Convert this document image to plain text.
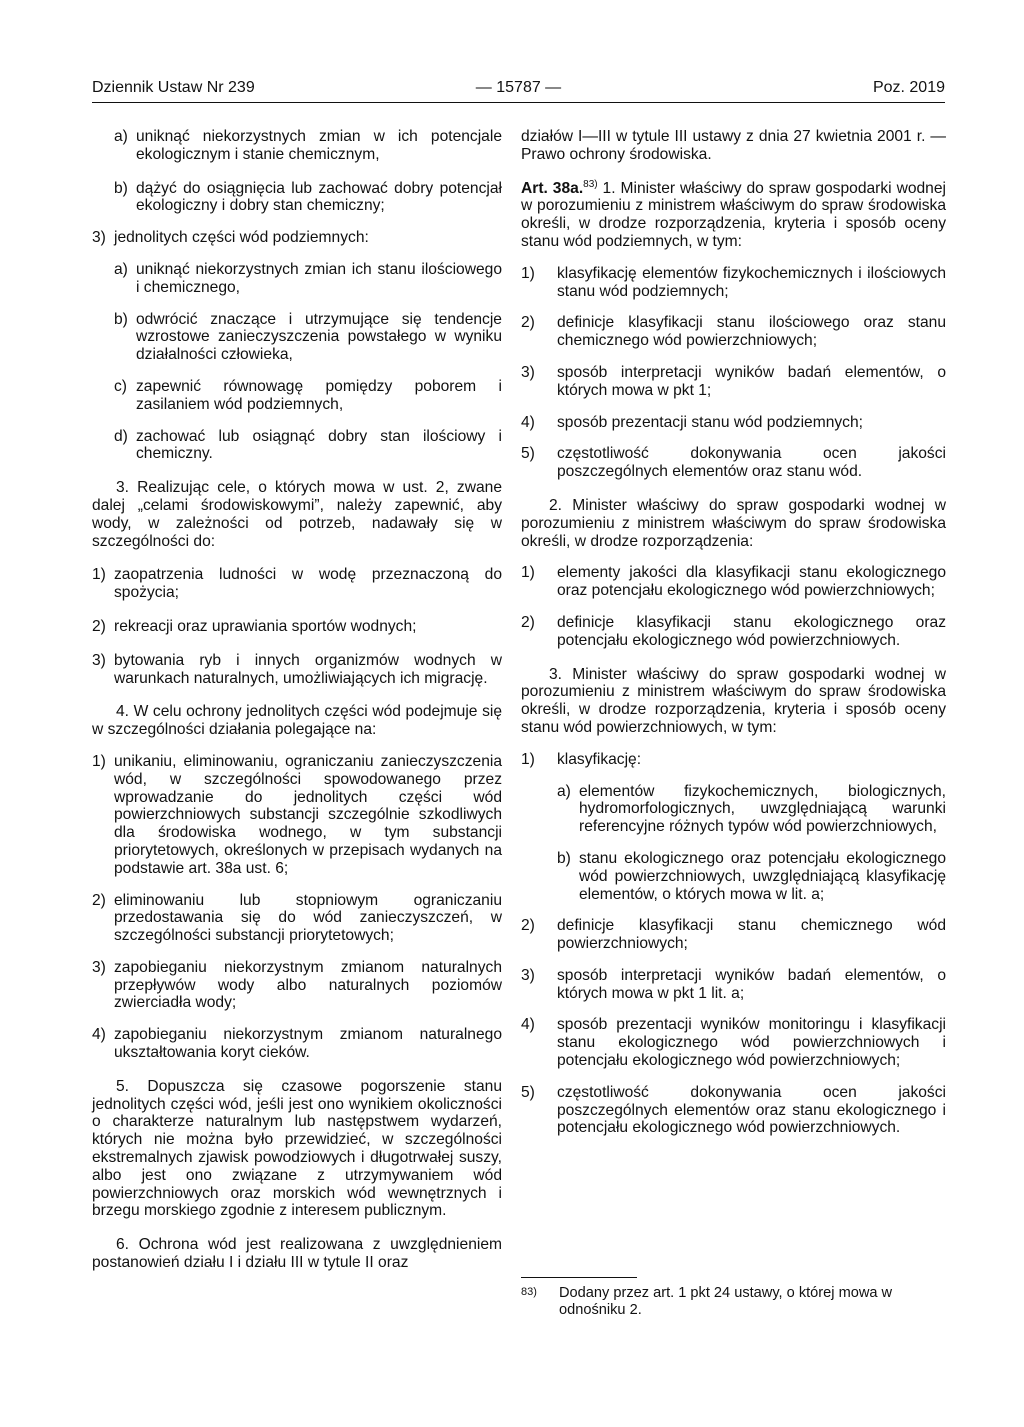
Dziennik Ustaw Nr 239	— 15787 —	Poz. 2019
a) uniknąć niekorzystnych zmian w ich potencjale ekologicznym i stanie chemicznym,
b) dążyć do osiągnięcia lub zachować dobry potencjał ekologiczny i dobry stan chemiczny;
3) jednolitych części wód podziemnych:
a) uniknąć niekorzystnych zmian ich stanu ilościowego i chemicznego,
b) odwrócić znaczące i utrzymujące się tendencje wzrostowe zanieczyszczenia powstałego w wyniku działalności człowieka,
c) zapewnić równowagę pomiędzy poborem i zasilaniem wód podziemnych,
d) zachować lub osiągnąć dobry stan ilościowy i chemiczny.

3. Realizując cele, o których mowa w ust. 2, zwane dalej „celami środowiskowymi”, należy zapewnić, aby wody, w zależności od potrzeb, nadawały się w szczególności do:

1) zaopatrzenia ludności w wodę przeznaczoną do spożycia;
2) rekreacji oraz uprawiania sportów wodnych;
3) bytowania ryb i innych organizmów wodnych w warunkach naturalnych, umożliwiających ich migrację.

4. W celu ochrony jednolitych części wód podejmuje się w szczególności działania polegające na:

1) unikaniu, eliminowaniu, ograniczaniu zanieczyszczenia wód, w szczególności spowodowanego przez wprowadzanie do jednolitych części wód powierzchniowych substancji szczególnie szkodliwych dla środowiska wodnego, w tym substancji priorytetowych, określonych w przepisach wydanych na podstawie art. 38a ust. 6;
2) eliminowaniu lub stopniowym ograniczaniu przedostawania się do wód zanieczyszczeń, w szczególności substancji priorytetowych;
3) zapobieganiu niekorzystnym zmianom naturalnych przepływów wody albo naturalnych poziomów zwierciadła wody;
4) zapobieganiu niekorzystnym zmianom naturalnego ukształtowania koryt cieków.

5. Dopuszcza się czasowe pogorszenie stanu jednolitych części wód, jeśli jest ono wynikiem okoliczności o charakterze naturalnym lub następstwem wydarzeń, których nie można było przewidzieć, w szczególności ekstremalnych zjawisk powodziowych i długotrwałej suszy, albo jest ono związane z utrzymywaniem wód powierzchniowych oraz morskich wód wewnętrznych i brzegu morskiego zgodnie z interesem publicznym.

6. Ochrona wód jest realizowana z uwzględnieniem postanowień działu I i działu III w tytule II oraz

działów I—III w tytule III ustawy z dnia 27 kwietnia 2001 r. — Prawo ochrony środowiska.

Art. 38a.$^{83)}$ 1. Minister właściwy do spraw gospodarki wodnej w porozumieniu z ministrem właściwym do spraw środowiska określi, w drodze rozporządzenia, kryteria i sposób oceny stanu wód podziemnych, w tym:

1)	klasyfikację elementów fizykochemicznych i ilościowych stanu wód podziemnych;
2)	definicje klasyfikacji stanu ilościowego oraz stanu chemicznego wód powierzchniowych;
3)	sposób interpretacji wyników badań elementów, o których mowa w pkt 1;
4)	sposób prezentacji stanu wód podziemnych;
5)	częstotliwość dokonywania ocen jakości poszczególnych elementów oraz stanu wód.

2. Minister właściwy do spraw gospodarki wodnej w porozumieniu z ministrem właściwym do spraw środowiska określi, w drodze rozporządzenia:

1)	elementy jakości dla klasyfikacji stanu ekologicznego oraz potencjału ekologicznego wód powierzchniowych;
2)	definicje klasyfikacji stanu ekologicznego oraz potencjału ekologicznego wód powierzchniowych.

3. Minister właściwy do spraw gospodarki wodnej w porozumieniu z ministrem właściwym do spraw środowiska określi, w drodze rozporządzenia, kryteria i sposób oceny stanu wód powierzchniowych, w tym:

1)	klasyfikację:
a) elementów fizykochemicznych, biologicznych, hydromorfologicznych, uwzględniającą warunki referencyjne różnych typów wód powierzchniowych,
b) stanu ekologicznego oraz potencjału ekologicznego wód powierzchniowych, uwzględniającą klasyfikację elementów, o których mowa w lit. a;
2)	definicje klasyfikacji stanu chemicznego wód powierzchniowych;
3)	sposób interpretacji wyników badań elementów, o których mowa w pkt 1 lit. a;
4)	sposób prezentacji wyników monitoringu i klasyfikacji stanu ekologicznego wód powierzchniowych i potencjału ekologicznego wód powierzchniowych;
5)	częstotliwość dokonywania ocen jakości poszczególnych elementów oraz stanu ekologicznego i potencjału ekologicznego wód powierzchniowych.
83)	Dodany przez art. 1 pkt 24 ustawy, o której mowa w odnośniku 2.
